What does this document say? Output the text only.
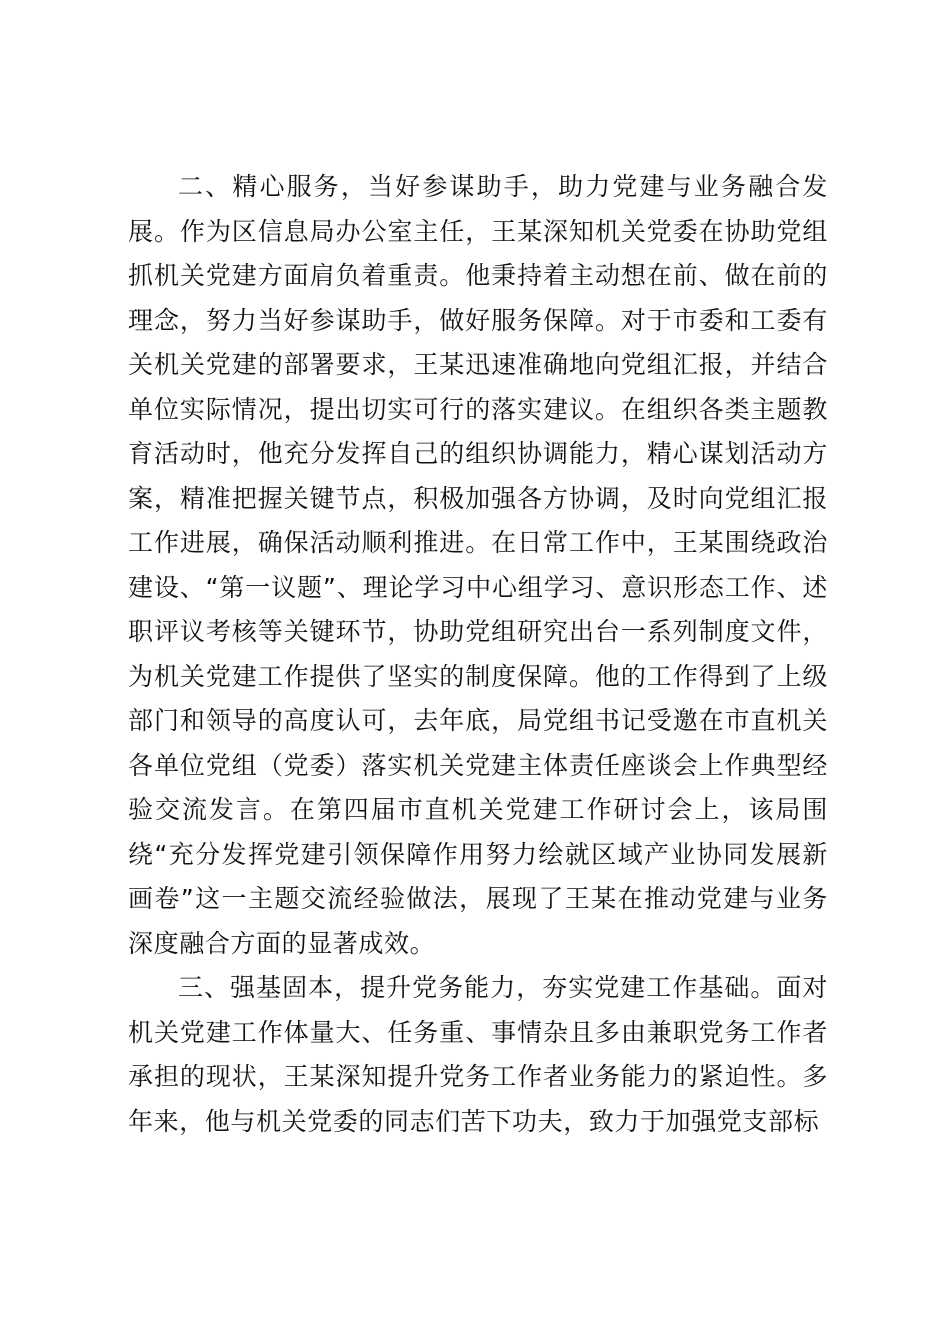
二、精心服务，当好参谋助手，助力党建与业务融合发展。作为区信息局办公室主任，王某深知机关党委在协助党组抓机关党建方面肩负着重责。他秉持着主动想在前、做在前的理念，努力当好参谋助手，做好服务保障。对于市委和工委有关机关党建的部署要求，王某迅速准确地向党组汇报，并结合单位实际情况，提出切实可行的落实建议。在组织各类主题教育活动时，他充分发挥自己的组织协调能力，精心谋划活动方案，精准把握关键节点，积极加强各方协调，及时向党组汇报工作进展，确保活动顺利推进。在日常工作中，王某围绕政治建设、“第一议题”、理论学习中心组学习、意识形态工作、述职评议考核等关键环节，协助党组研究出台一系列制度文件，为机关党建工作提供了坚实的制度保障。他的工作得到了上级部门和领导的高度认可，去年底，局党组书记受邀在市直机关各单位党组（党委）落实机关党建主体责任座谈会上作典型经验交流发言。在第四届市直机关党建工作研讨会上，该局围绕“充分发挥党建引领保障作用努力绘就区域产业协同发展新画卷”这一主题交流经验做法，展现了王某在推动党建与业务深度融合方面的显著成效。

三、强基固本，提升党务能力，夯实党建工作基础。面对机关党建工作体量大、任务重、事情杂且多由兼职党务工作者承担的现状，王某深知提升党务工作者业务能力的紧迫性。多年来，他与机关党委的同志们苦下功夫，致力于加强党支部标
